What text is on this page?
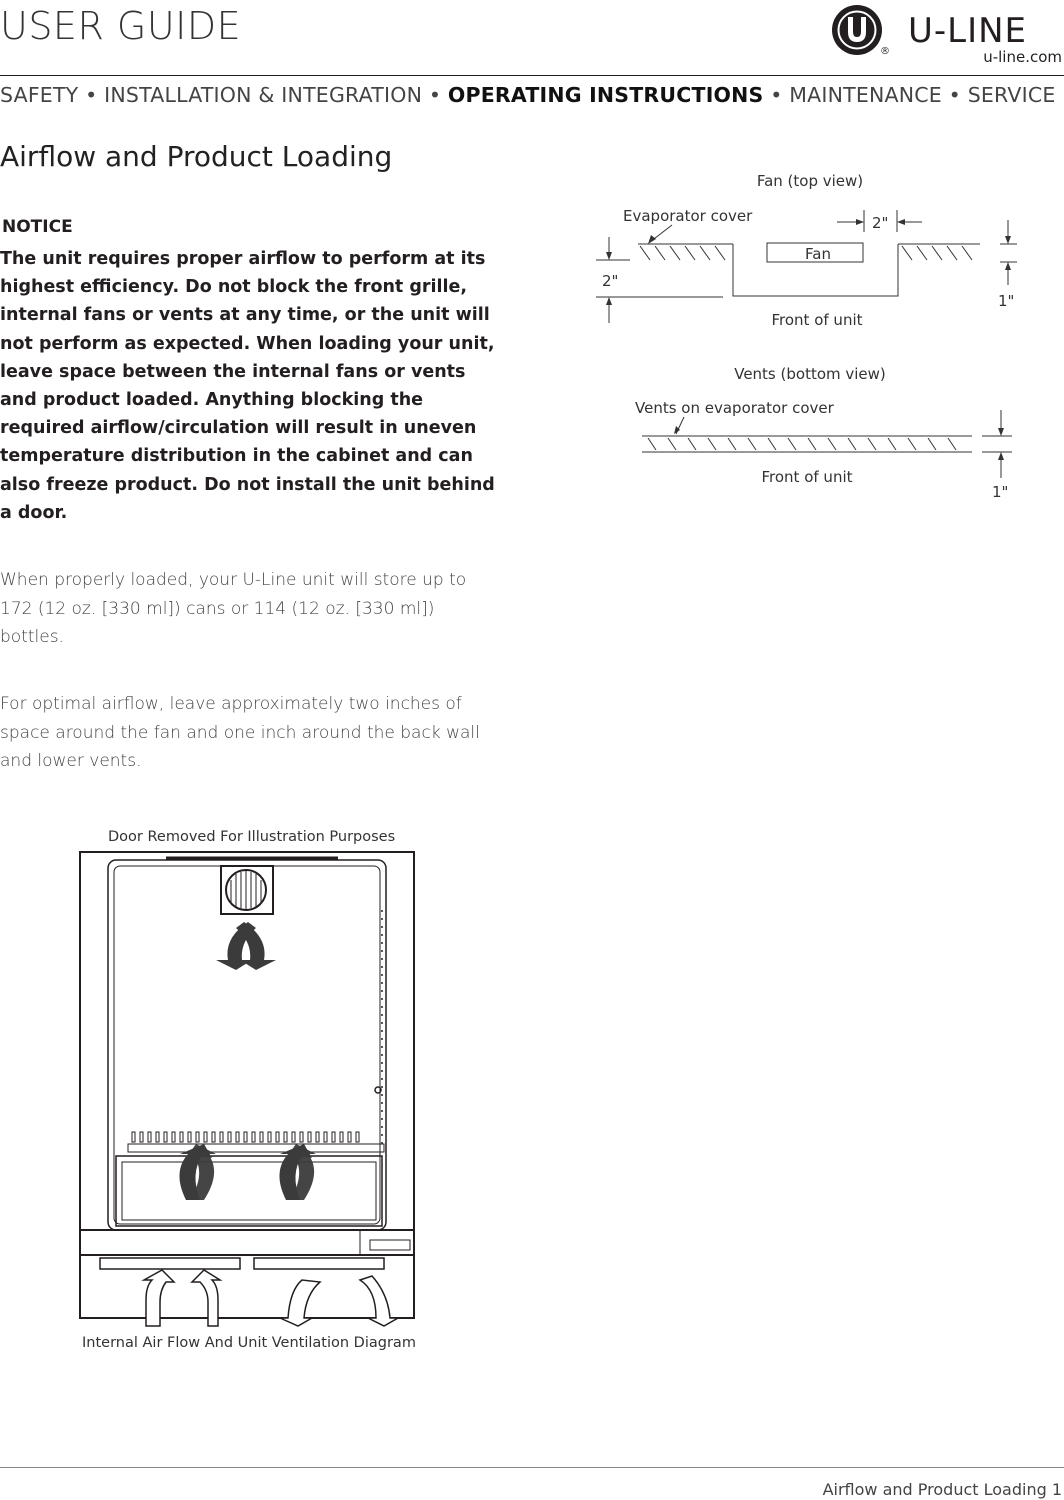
USER GUIDE
®
U-LINE
u-line.com
SAFETY • INSTALLATION & INTEGRATION • OPERATING INSTRUCTIONS • MAINTENANCE • SERVICE
Airflow and Product Loading
NOTICE
The unit requires proper airflow to perform at its highest efficiency. Do not block the front grille, internal fans or vents at any time, or the unit will not perform as expected. When loading your unit, leave space between the internal fans or vents and product loaded. Anything blocking the required airflow/circulation will result in uneven temperature distribution in the cabinet and can also freeze product. Do not install the unit behind a door.
When properly loaded, your U-Line unit will store up to 172 (12 oz. [330 ml]) cans or 114 (12 oz. [330 ml]) bottles.
For optimal airflow, leave approximately two inches of space around the fan and one inch around the back wall and lower vents.
Fan (top view)
Evaporator cover	2"
2"
1"
Front of unit
Fan
Vents (bottom view)
Vents on evaporator cover
1"
Front of unit
Door Removed For Illustration Purposes
Internal Air Flow And Unit Ventilation Diagram
Airflow and Product Loading 1
